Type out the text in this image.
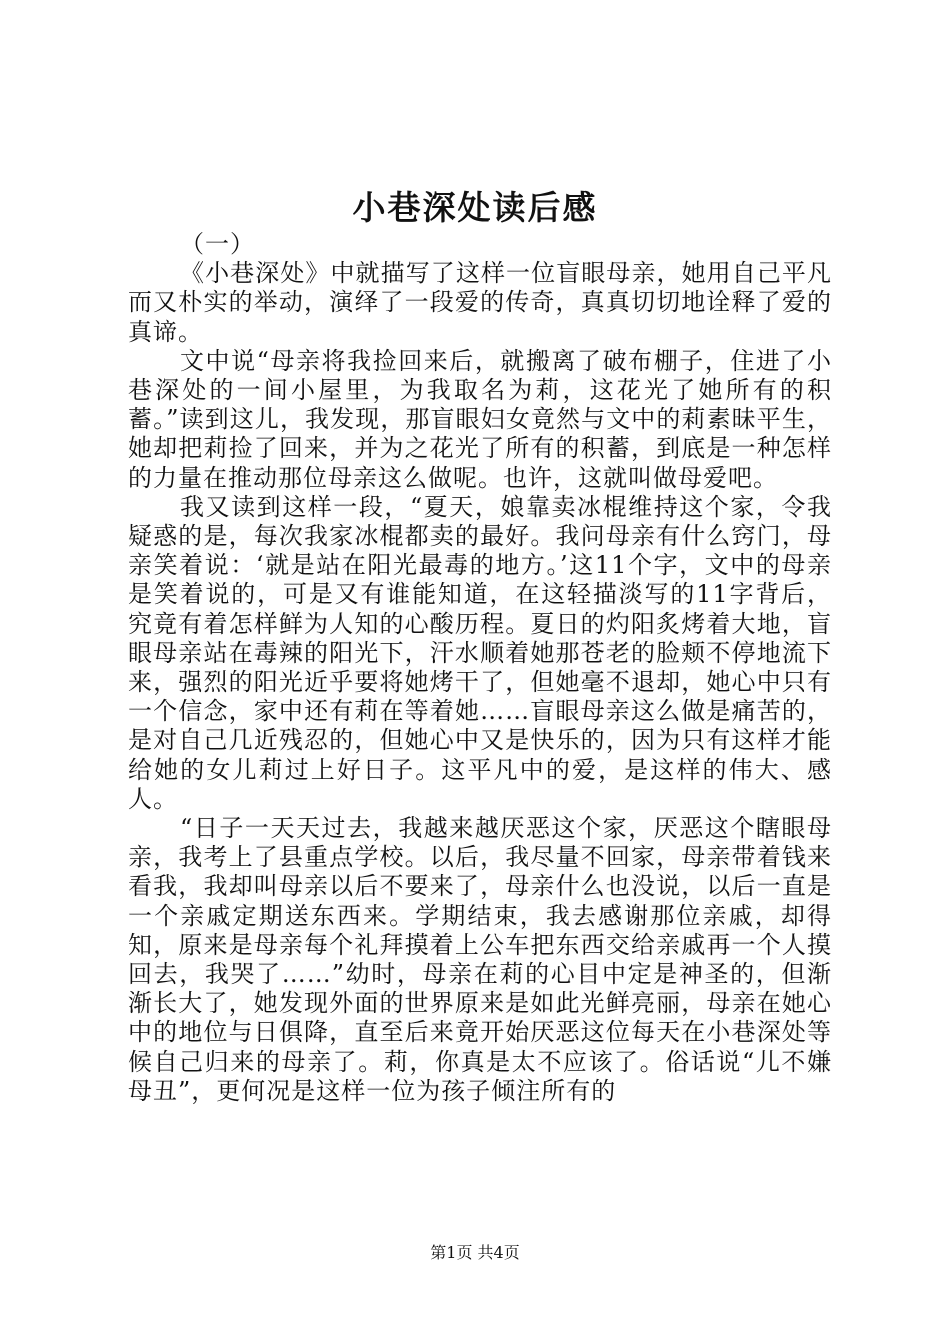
小巷深处读后感

（一）

《小巷深处》中就描写了这样一位盲眼母亲，她用自己平凡而又朴实的举动，演绎了一段爱的传奇，真真切切地诠释了爱的真谛。

文中说“母亲将我捡回来后，就搬离了破布棚子，住进了小巷深处的一间小屋里，为我取名为莉，这花光了她所有的积蓄。”读到这儿，我发现，那盲眼妇女竟然与文中的莉素昧平生，她却把莉捡了回来，并为之花光了所有的积蓄，到底是一种怎样的力量在推动那位母亲这么做呢。也许，这就叫做母爱吧。

我又读到这样一段，“夏天，娘靠卖冰棍维持这个家，令我疑惑的是，每次我家冰棍都卖的最好。我问母亲有什么窍门，母亲笑着说：‘就是站在阳光最毒的地方。’这11个字，文中的母亲是笑着说的，可是又有谁能知道，在这轻描淡写的11字背后，究竟有着怎样鲜为人知的心酸历程。夏日的灼阳炙烤着大地，盲眼母亲站在毒辣的阳光下，汗水顺着她那苍老的脸颊不停地流下来，强烈的阳光近乎要将她烤干了，但她毫不退却，她心中只有一个信念，家中还有莉在等着她……盲眼母亲这么做是痛苦的，是对自己几近残忍的，但她心中又是快乐的，因为只有这样才能给她的女儿莉过上好日子。这平凡中的爱，是这样的伟大、感人。

“日子一天天过去，我越来越厌恶这个家，厌恶这个瞎眼母亲，我考上了县重点学校。以后，我尽量不回家，母亲带着钱来看我，我却叫母亲以后不要来了，母亲什么也没说，以后一直是一个亲戚定期送东西来。学期结束，我去感谢那位亲戚，却得知，原来是母亲每个礼拜摸着上公车把东西交给亲戚再一个人摸回去，我哭了……”幼时，母亲在莉的心目中定是神圣的，但渐渐长大了，她发现外面的世界原来是如此光鲜亮丽，母亲在她心中的地位与日俱降，直至后来竟开始厌恶这位每天在小巷深处等候自己归来的母亲了。莉，你真是太不应该了。俗话说“儿不嫌母丑”，更何况是这样一位为孩子倾注所有的

第1页 共4页
